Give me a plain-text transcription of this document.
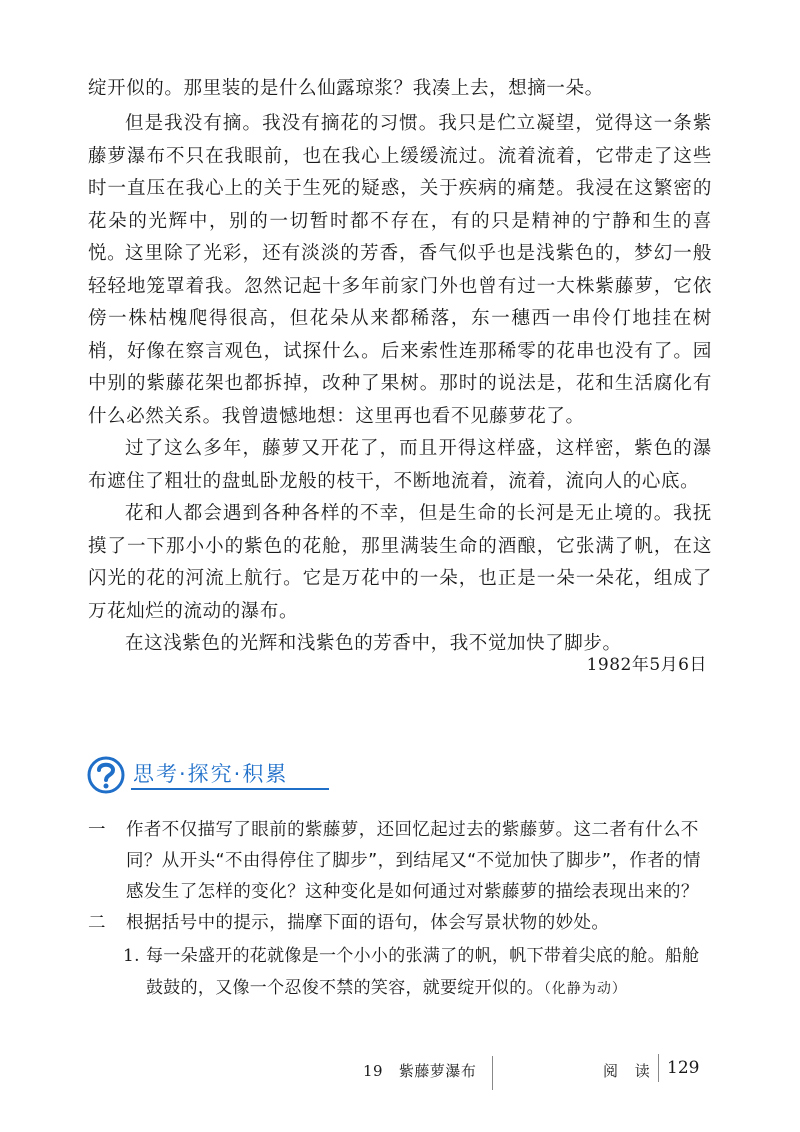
绽开似的。那里装的是什么仙露琼浆？我凑上去，想摘一朵。

但是我没有摘。我没有摘花的习惯。我只是伫立凝望，觉得这一条紫藤萝瀑布不只在我眼前，也在我心上缓缓流过。流着流着，它带走了这些时一直压在我心上的关于生死的疑惑，关于疾病的痛楚。我浸在这繁密的花朵的光辉中，别的一切暂时都不存在，有的只是精神的宁静和生的喜悦。

这里除了光彩，还有淡淡的芳香，香气似乎也是浅紫色的，梦幻一般轻轻地笼罩着我。忽然记起十多年前家门外也曾有过一大株紫藤萝，它依傍一株枯槐爬得很高，但花朵从来都稀落，东一穗西一串伶仃地挂在树梢，好像在察言观色，试探什么。后来索性连那稀零的花串也没有了。园中别的紫藤花架也都拆掉，改种了果树。那时的说法是，花和生活腐化有什么必然关系。我曾遗憾地想：这里再也看不见藤萝花了。

过了这么多年，藤萝又开花了，而且开得这样盛，这样密，紫色的瀑布遮住了粗壮的盘虬卧龙般的枝干，不断地流着，流着，流向人的心底。

花和人都会遇到各种各样的不幸，但是生命的长河是无止境的。我抚摸了一下那小小的紫色的花舱，那里满装生命的酒酿，它张满了帆，在这闪光的花的河流上航行。它是万花中的一朵，也正是一朵一朵花，组成了万花灿烂的流动的瀑布。

在这浅紫色的光辉和浅紫色的芳香中，我不觉加快了脚步。

1982年5月6日
思考·探究·积累
一 作者不仅描写了眼前的紫藤萝，还回忆起过去的紫藤萝。这二者有什么不同？从开头“不由得停住了脚步”，到结尾又“不觉加快了脚步”，作者的情感发生了怎样的变化？这种变化是如何通过对紫藤萝的描绘表现出来的？
二 根据括号中的提示，揣摩下面的语句，体会写景状物的妙处。
1. 每一朵盛开的花就像是一个小小的张满了的帆，帆下带着尖底的舱。船舱鼓鼓的，又像一个忍俊不禁的笑容，就要绽开似的。（化静为动）
19 紫藤萝瀑布	阅 读 129
